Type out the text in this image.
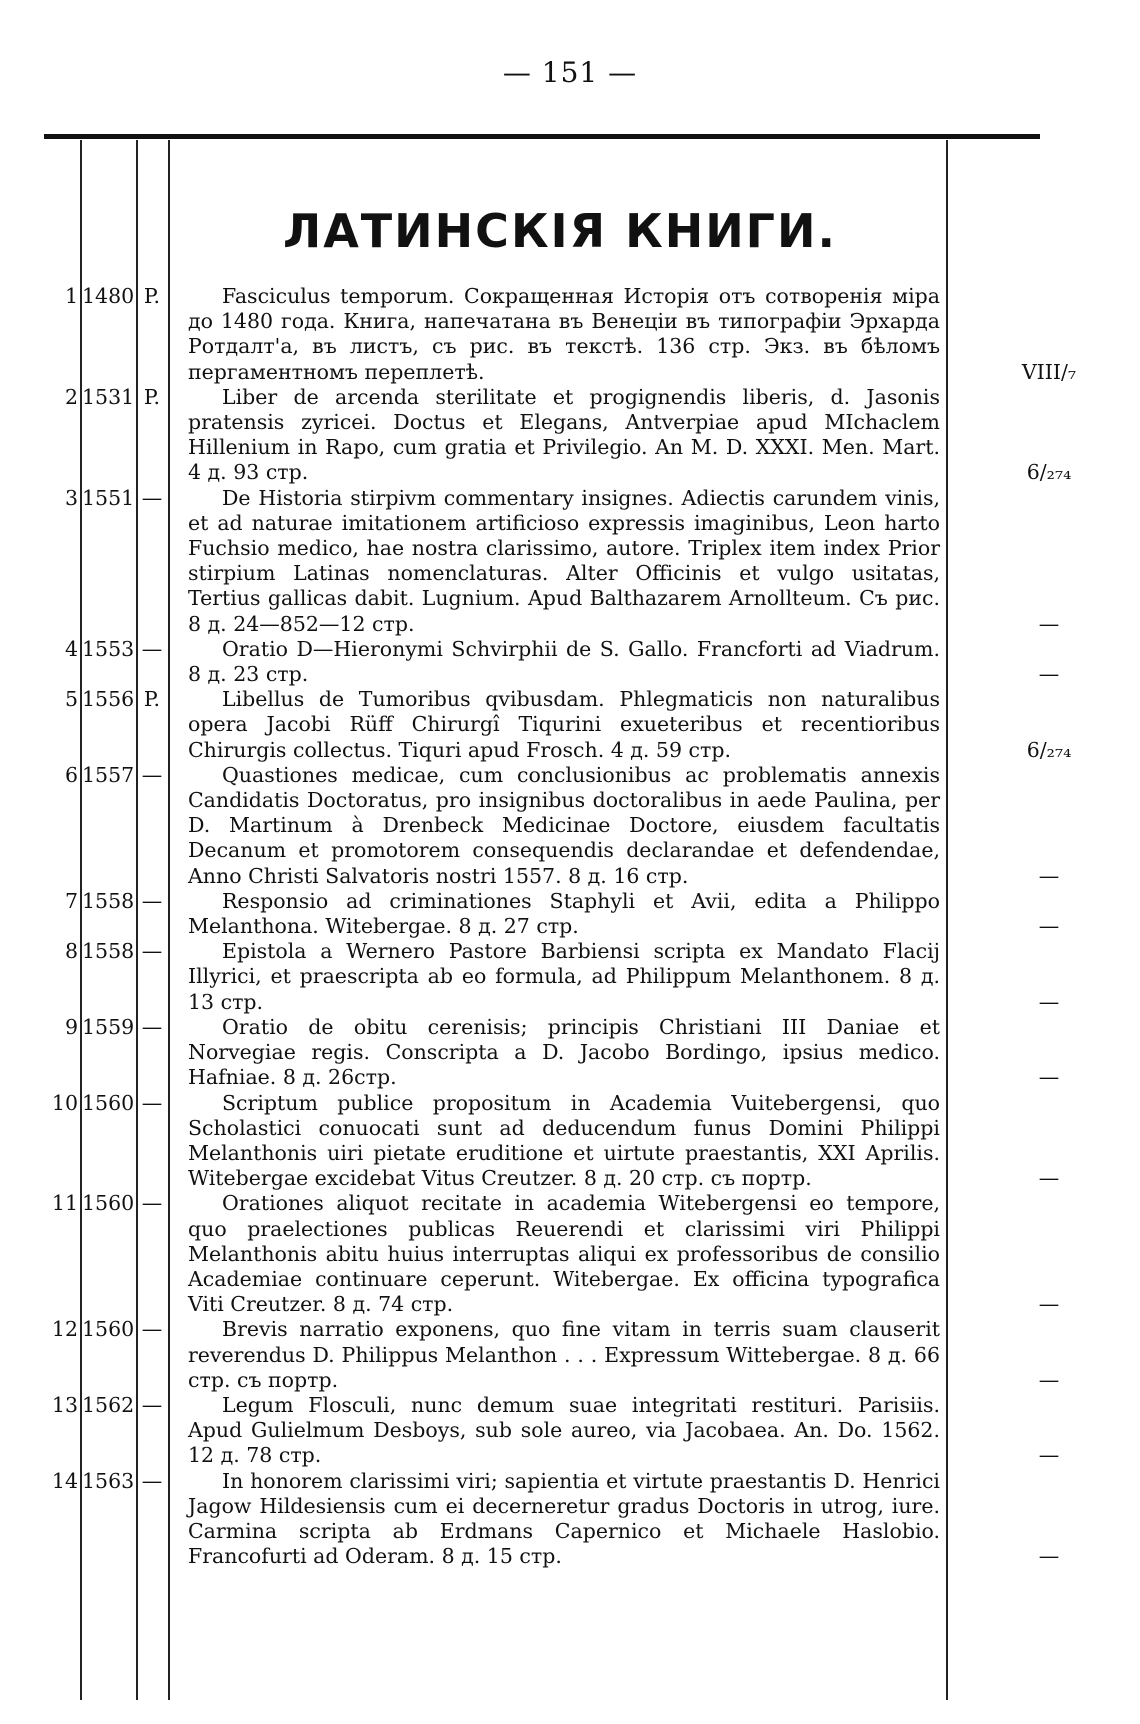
— 151 —
ЛАТИНСКІЯ КНИГИ.
1 1480 P.	Fasciculus temporum. Сокращенная Исторія отъ сотворенія міра до 1480 года. Книга, напечатана въ Венеціи въ типографіи Эрхарда Ротдалт'а, въ листъ, съ рис. въ текстѣ. 136 стр. Экз. въ бѣломъ пергаментномъ переплетѣ.	VIII/₇
2 1531 P.	Liber de arcenda sterilitate et progignendis liberis, d. Jasonis pratensis zyricei. Doctus et Elegans, Antverpiae apud MIchaclem Hillenium in Rapo, cum gratia et Privilegio. An M. D. XXXI. Men. Mart. 4 д. 93 стр.	6/₂₇₄
3 1551 —	De Historia stirpivm commentary insignes. Adiectis carundem vinis, et ad naturae imitationem artificioso expressis imaginibus, Leon harto Fuchsio medico, hae nostra clarissimo, autore. Triplex item index Prior stirpium Latinas nomenclaturas. Alter Officinis et vulgo usitatas, Tertius gallicas dabit. Lugnium. Apud Balthazarem Arnollteum. Съ рис. 8 д. 24—852—12 стр.	—
4 1553 —	Oratio D—Hieronymi Schvirphii de S. Gallo. Francforti ad Viadrum. 8 д. 23 стр.	—
5 1556 P.	Libellus de Tumoribus qvibusdam. Phlegmaticis non naturalibus opera Jacobi Rüff Chirurgî Tiqurini exueteribus et recentioribus Chirurgis collectus. Tiquri apud Frosch. 4 д. 59 стр.	6/₂₇₄
6 1557 —	Quastiones medicae, cum conclusionibus ac problematis annexis Candidatis Doctoratus, pro insignibus doctoralibus in aede Paulina, per D. Martinum à Drenbeck Medicinae Doctore, eiusdem facultatis Decanum et promotorem consequendis declarandae et defendendae, Anno Christi Salvatoris nostri 1557. 8 д. 16 стр.	—
7 1558 —	Responsio ad criminationes Staphyli et Avii, edita a Philippo Melanthona. Witebergae. 8 д. 27 стр.	—
8 1558 —	Epistola a Wernero Pastore Barbiensi scripta ex Mandato Flacij Illyrici, et praescripta ab eo formula, ad Philippum Melanthonem. 8 д. 13 стр.	—
9 1559 —	Oratio de obitu cerenisis; principis Christiani III Daniae et Norvegiae regis. Conscripta a D. Jacobo Bordingo, ipsius medico. Hafniae. 8 д. 26стр.	—
10 1560 —	Scriptum publice propositum in Academia Vuitebergensi, quo Scholastici conuocati sunt ad deducendum funus Domini Philippi Melanthonis uiri pietate eruditione et uirtute praestantis, XXI Aprilis. Witebergae excidebat Vitus Creutzer. 8 д. 20 стр. съ портр.	—
11 1560 —	Orationes aliquot recitate in academia Witebergensi eo tempore, quo praelectiones publicas Reuerendi et clarissimi viri Philippi Melanthonis abitu huius interruptas aliqui ex professoribus de consilio Academiae continuare ceperunt. Witebergae. Ex officina typografica Viti Creutzer. 8 д. 74 стр.	—
12 1560 —	Brevis narratio exponens, quo fine vitam in terris suam clauserit reverendus D. Philippus Melanthon . . . Expressum Wittebergae. 8 д. 66 стр. съ портр.	—
13 1562 —	Legum Flosculi, nunc demum suae integritati restituri. Parisiis. Apud Gulielmum Desboys, sub sole aureo, via Jacobaea. An. Do. 1562. 12 д. 78 стр.	—
14 1563 —	In honorem clarissimi viri; sapientia et virtute praestantis D. Henrici Jagow Hildesiensis cum ei decerneretur gradus Doctoris in utrog, iure. Carmina scripta ab Erdmans Capernico et Michaele Haslobio. Francofurti ad Oderam. 8 д. 15 стр.	—
